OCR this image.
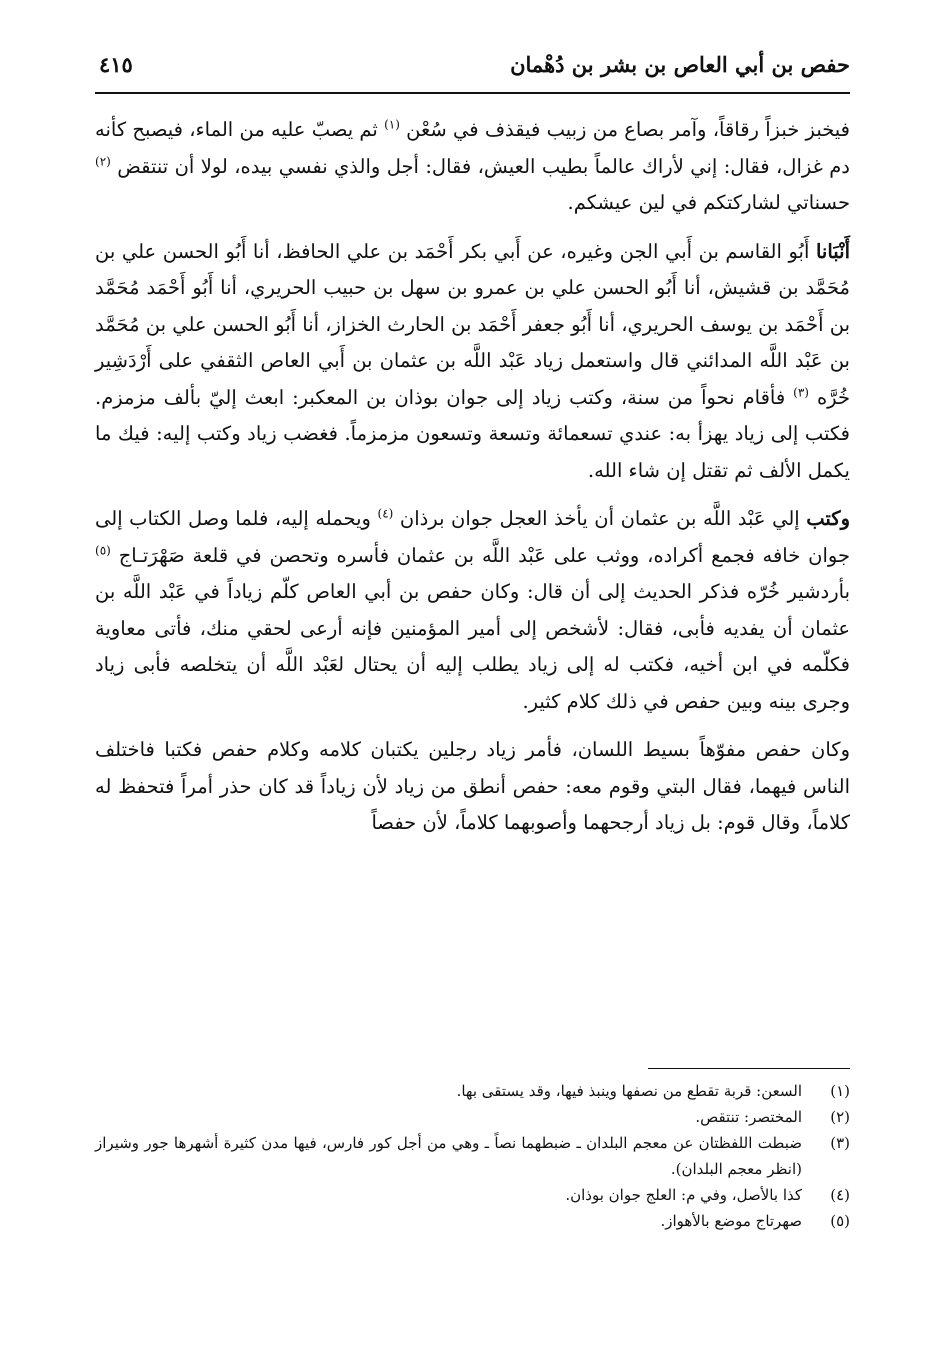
حفص بن أبي العاص بن بشر بن دُهْمان
٤١٥

فيخبز خبزاً رقاقاً، وآمر بصاع من زبيب فيقذف في سُعْن $^{(١)}$ ثم يصبّ عليه من الماء، فيصبح كأنه دم غزال، فقال: إني لأراك عالماً بطيب العيش، فقال: أجل والذي نفسي بيده، لولا أن تنتقض $^{(٢)}$ حسناتي لشاركتكم في لين عيشكم.

أَنْبَانا أَبُو القاسم بن أَبي الجن وغيره، عن أَبي بكر أَحْمَد بن علي الحافظ، أنا أَبُو الحسن علي بن مُحَمَّد بن قشيش، أنا أَبُو الحسن علي بن عمرو بن سهل بن حبيب الحريري، أنا أَبُو أَحْمَد مُحَمَّد بن أَحْمَد بن يوسف الحريري، أنا أَبُو جعفر أَحْمَد بن الحارث الخزاز، أنا أَبُو الحسن علي بن مُحَمَّد بن عَبْد اللَّه المدائني قال واستعمل زياد عَبْد اللَّه بن عثمان بن أَبي العاص الثقفي على أَرْدَشِير خُرَّه $^{(٣)}$ فأقام نحواً من سنة، وكتب زياد إلى جوان بوذان بن المعكبر: ابعث إليّ بألف مزمزم. فكتب إلى زياد يهزأ به: عندي تسعمائة وتسعة وتسعون مزمزماً. فغضب زياد وكتب إليه: فيك ما يكمل الألف ثم تقتل إن شاء الله.

وكتب إلي عَبْد اللَّه بن عثمان أن يأخذ العجل جوان برذان $^{(٤)}$ ويحمله إليه، فلما وصل الكتاب إلى جوان خافه فجمع أكراده، ووثب على عَبْد اللَّه بن عثمان فأسره وتحصن في قلعة صَهْرَتـاج $^{(٥)}$ بأردشير خُرّه فذكر الحديث إلى أن قال: وكان حفص بن أبي العاص كلّم زياداً في عَبْد اللَّه بن عثمان أن يفديه فأبى، فقال: لأشخص إلى أمير المؤمنين فإنه أرعى لحقي منك، فأتى معاوية فكلّمه في ابن أخيه، فكتب له إلى زياد يطلب إليه أن يحتال لعَبْد اللَّه أن يتخلصه فأبى زياد وجرى بينه وبين حفص في ذلك كلام كثير.

وكان حفص مفوّهاً بسيط اللسان، فأمر زياد رجلين يكتبان كلامه وكلام حفص فكتبا فاختلف الناس فيهما، فقال البتي وقوم معه: حفص أنطق من زياد لأن زياداً قد كان حذر أمراً فتحفظ له كلاماً، وقال قوم: بل زياد أرجحهما وأصوبهما كلاماً، لأن حفصاً

(١)
السعن: قربة تقطع من نصفها وينبذ فيها، وقد يستقى بها.
(٢)
المختصر: تنتقص.
(٣)
ضبطت اللفظتان عن معجم البلدان ـ ضبطهما نصاً ـ وهي من أجل كور فارس، فيها مدن كثيرة أشهرها جور وشيراز (انظر معجم البلدان).
(٤)
كذا بالأصل، وفي م: العلج جوان بوذان.
(٥)
صهرتاج موضع بالأهواز.
